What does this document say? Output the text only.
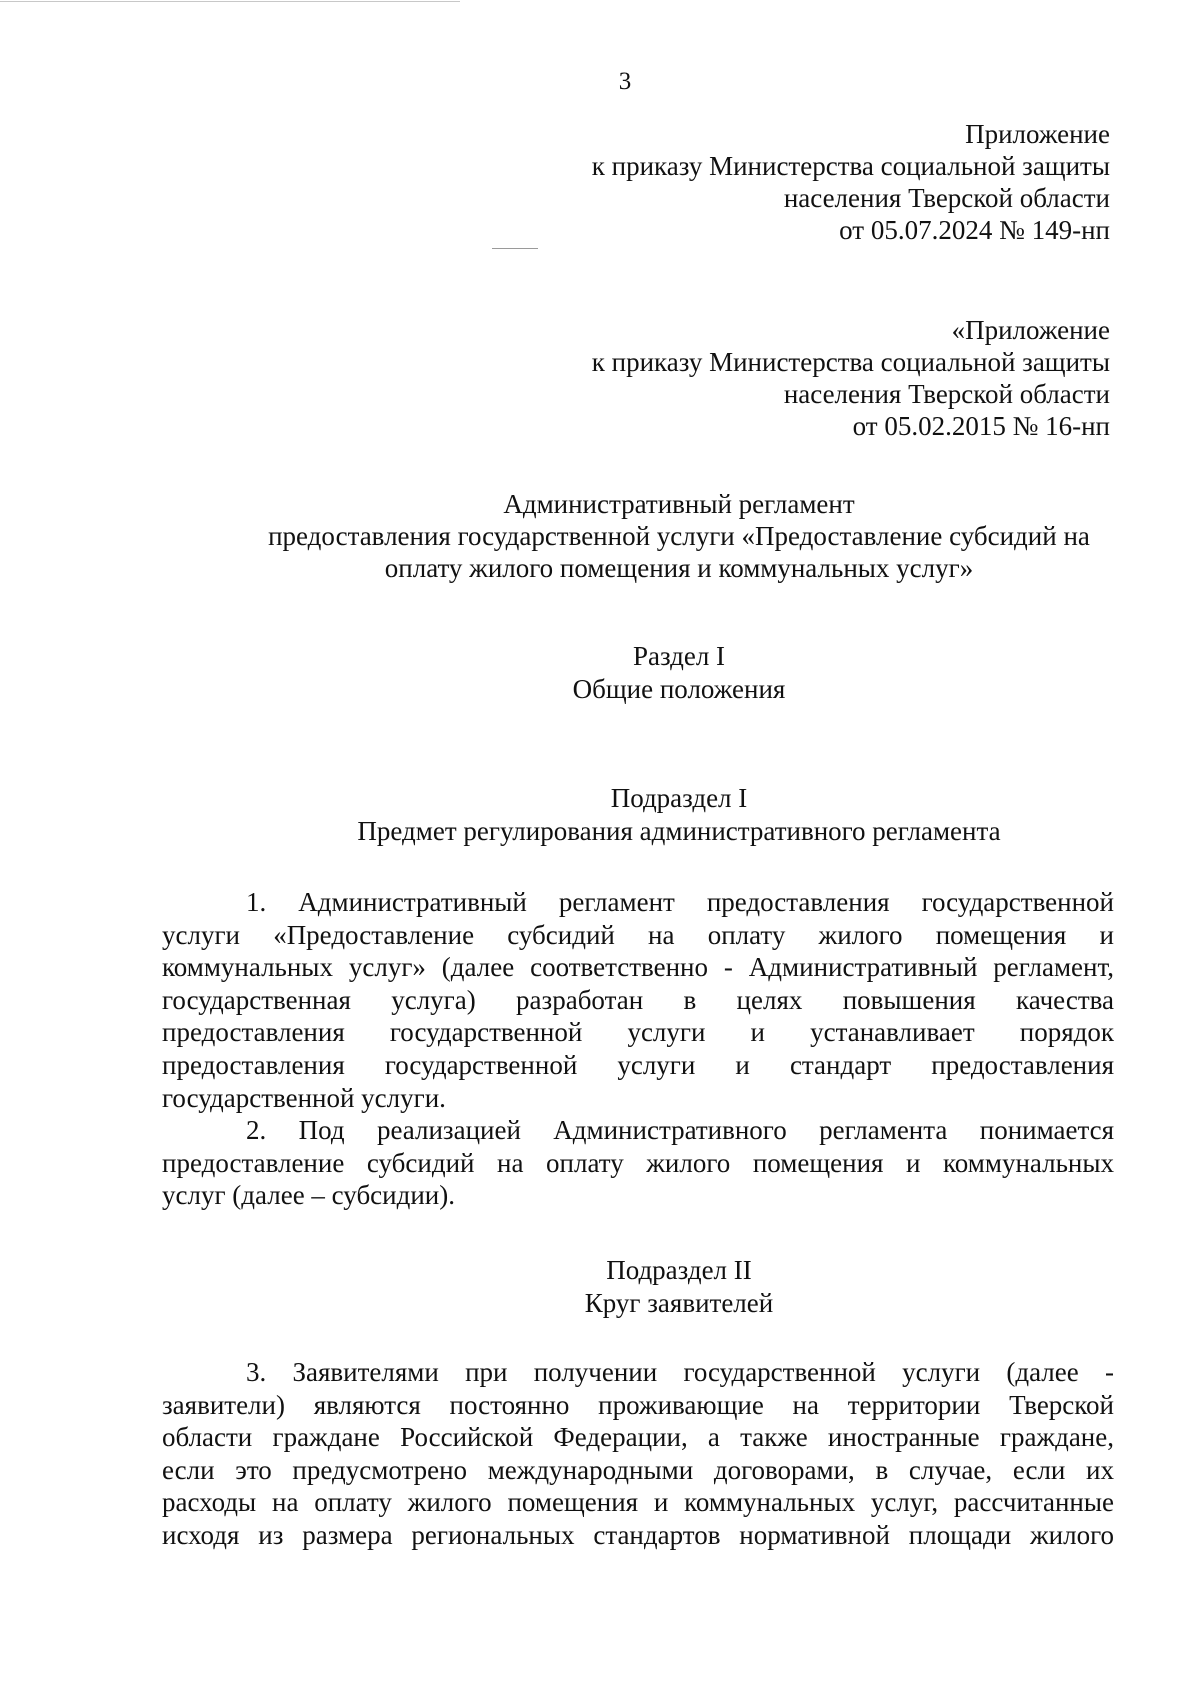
3
Приложение
к приказу Министерства социальной защиты
населения Тверской области
от 05.07.2024 № 149-нп
«Приложение
к приказу Министерства социальной защиты
населения Тверской области
от 05.02.2015 № 16-нп
Административный регламент
предоставления государственной услуги «Предоставление субсидий на
оплату жилого помещения и коммунальных услуг»
Раздел I
Общие положения
Подраздел I
Предмет регулирования административного регламента
1. Административный регламент предоставления государственной
услуги «Предоставление субсидий на оплату жилого помещения и
коммунальных услуг» (далее соответственно - Административный регламент,
государственная услуга) разработан в целях повышения качества
предоставления государственной услуги и устанавливает порядок
предоставления государственной услуги и стандарт предоставления
государственной услуги.
2. Под реализацией Административного регламента понимается
предоставление субсидий на оплату жилого помещения и коммунальных
услуг (далее – субсидии).
Подраздел II
Круг заявителей
3. Заявителями при получении государственной услуги (далее -
заявители) являются постоянно проживающие на территории Тверской
области граждане Российской Федерации, а также иностранные граждане,
если это предусмотрено международными договорами, в случае, если их
расходы на оплату жилого помещения и коммунальных услуг, рассчитанные
исходя из размера региональных стандартов нормативной площади жилого
